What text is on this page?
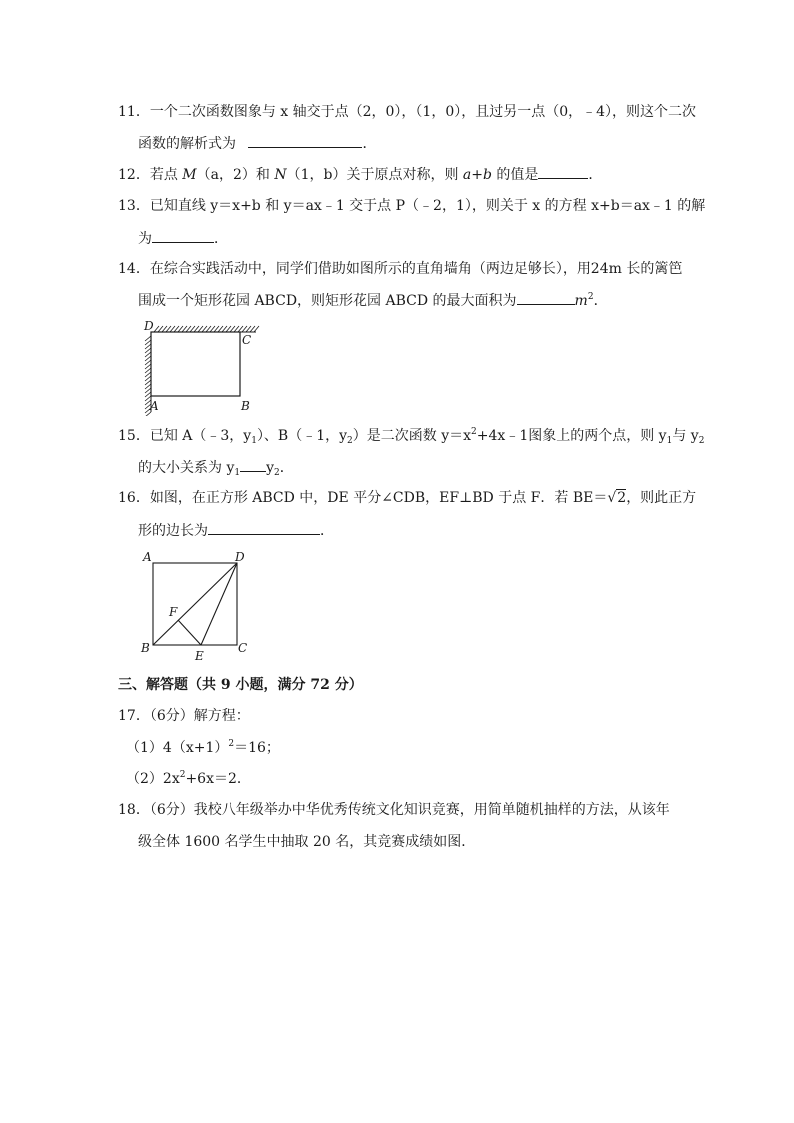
11．一个二次函数图象与 x 轴交于点（2，0），（1，0），且过另一点（0，﹣4），则这个二次
函数的解析式为	．
12．若点 M（a，2）和 N（1，b）关于原点对称，则 a+b 的值是	．
13．已知直线 y＝x+b 和 y＝ax﹣1 交于点 P（﹣2，1），则关于 x 的方程 x+b＝ax﹣1 的解
为	．
14．在综合实践活动中，同学们借助如图所示的直角墙角（两边足够长），用24m 长的篱笆
围成一个矩形花园 ABCD，则矩形花园 ABCD 的最大面积为	$m^2$．
D
C
A	B
15．已知 A（﹣3，$y_1$）、B（﹣1，$y_2$）是二次函数 $y=x^2+4x﹣1$图象上的两个点，则 $y_1$与 $y_2$
的大小关系为 $y_1$ $y_2$．
16．如图，在正方形 ABCD 中，DE 平分∠CDB，EF⊥BD 于点 F．若 BE＝√2，则此正方
形的边长为	．
A	D
F
B
E
C
三、解答题（共 9 小题，满分 72 分）
17．（6分）解方程：
$(1)4(x+1)^2=16$；
$(2)2x^2+6x=2$．
18．（6分）我校八年级举办中华优秀传统文化知识竞赛，用简单随机抽样的方法，从该年
级全体 1600 名学生中抽取 20 名，其竞赛成绩如图．
